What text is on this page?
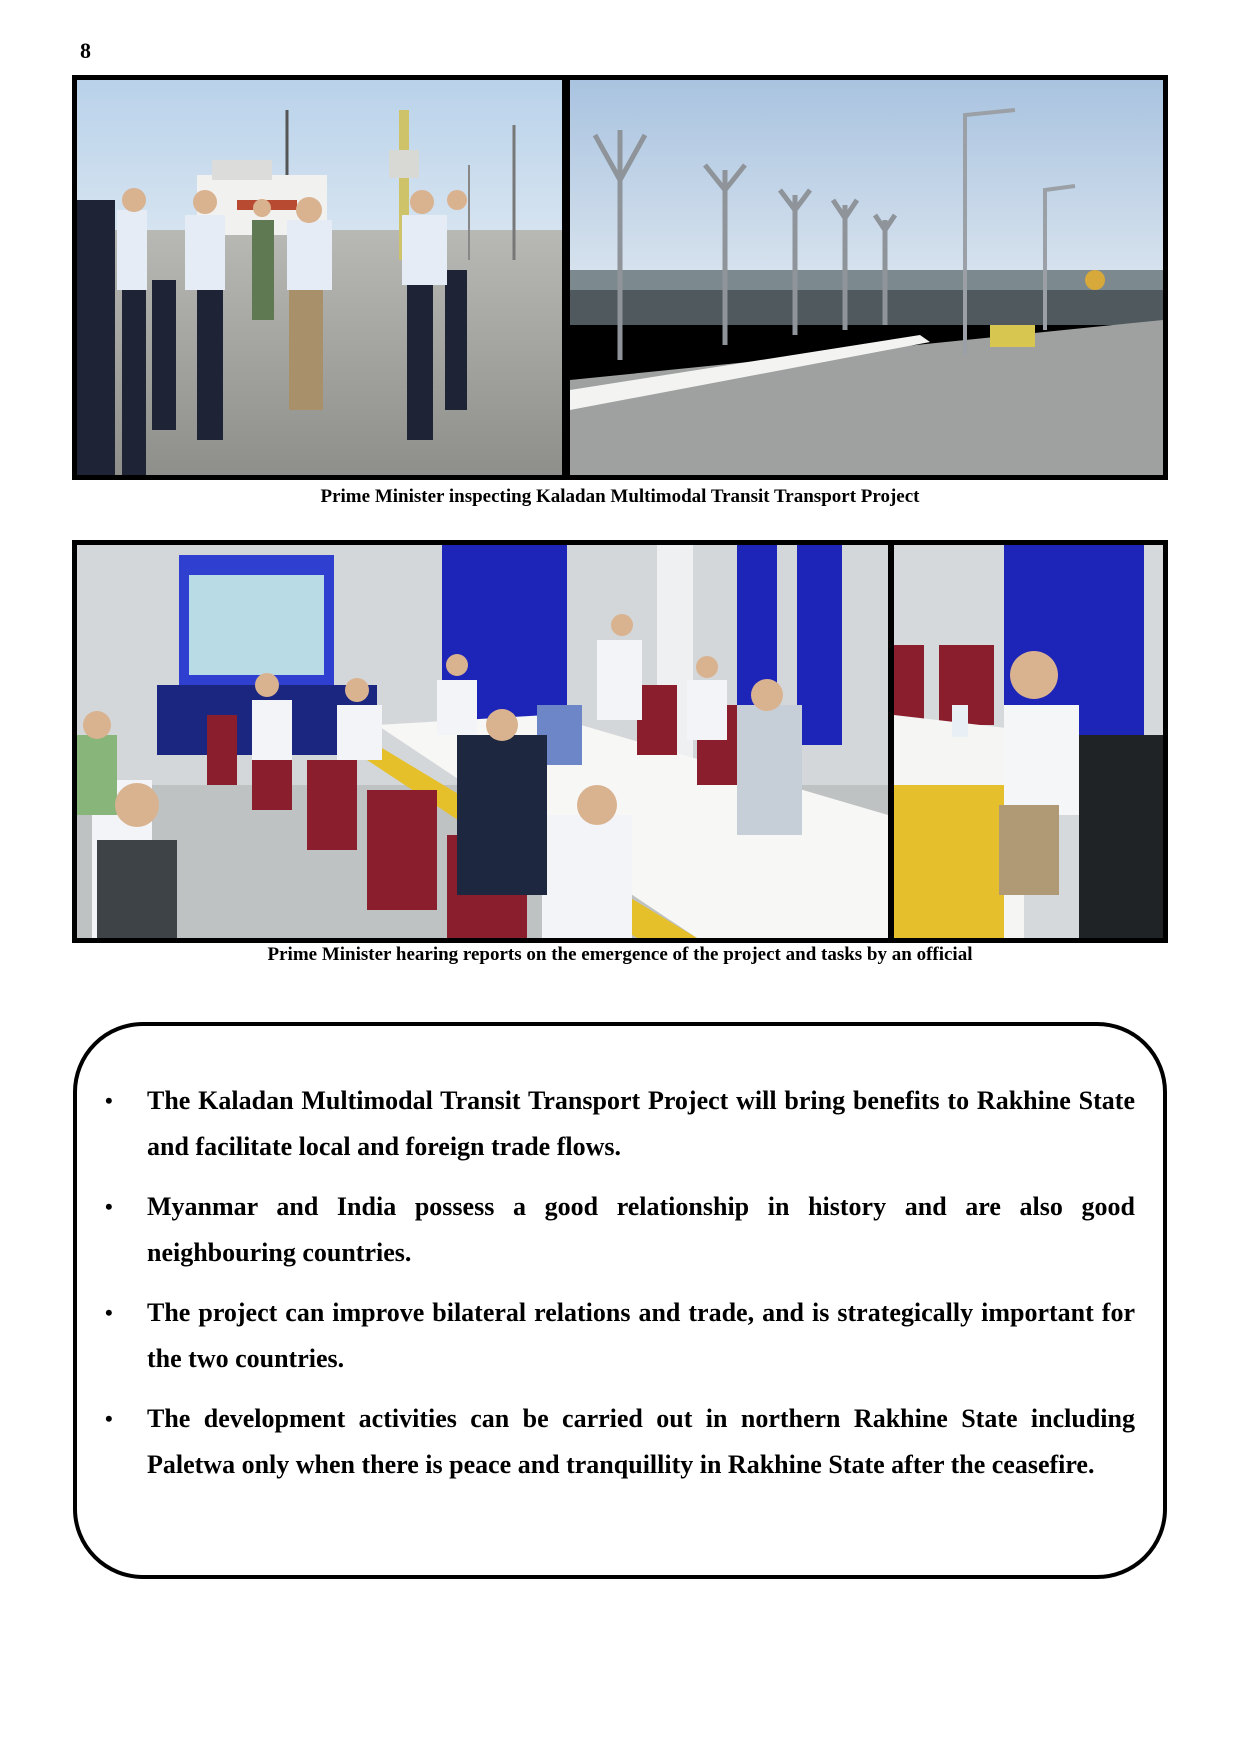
8
Prime Minister inspecting Kaladan Multimodal Transit Transport Project
Prime Minister hearing reports on the emergence of the project and tasks by an official
• The Kaladan Multimodal Transit Transport Project will bring benefits to Rakhine State and facilitate local and foreign trade flows.
• Myanmar and India possess a good relationship in history and are also good neighbouring countries.
• The project can improve bilateral relations and trade, and is strategically important for the two countries.
• The development activities can be carried out in northern Rakhine State including Paletwa only when there is peace and tranquillity in Rakhine State after the ceasefire.
